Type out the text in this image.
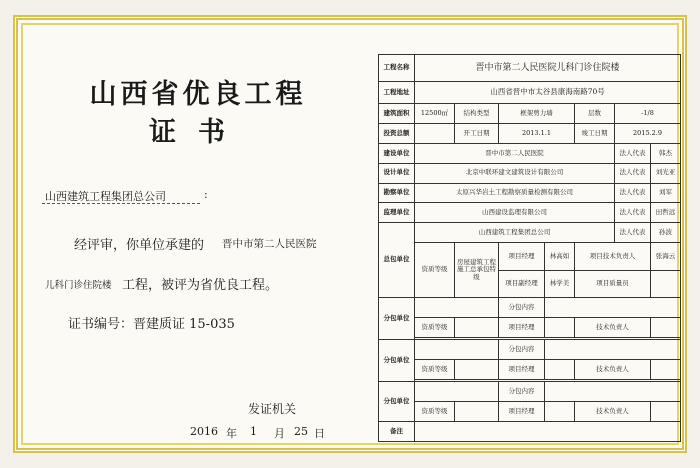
山西省优良工程
证书
山西建筑工程集团总公司	:
经评审，你单位承建的 晋中市第二人民医院
儿科门诊住院楼 工程，被评为省优良工程。
证书编号：晋建质证 15-035
发证机关
2016 年 1 月 25 日
工程名称	晋中市第二人民医院儿科门诊住院楼						
工程地址	山西省晋中市太谷县康海南路70号						
建筑面积	12500㎡	结构类型	框架剪力墙		层数	-1/8	
投资总额		开工日期	2013.1.1		竣工日期	2015.2.9	
建设单位	晋中市第二人民医院					法人代表	韩杰
设计单位	北京中联环建文建筑设计有限公司					法人代表	刘光亚
勘察单位	太原兴华岩土工程勘察质量检测有限公司					法人代表	刘军
监理单位	山西建设监理有限公司					法人代表	田哲远
总包单位	山西建筑工程集团总公司					法人代表	孙波
	资质等级	房屋建筑工程施工总承包特级	项目经理	林高如	项目技术负责人		张海云
			项目副经理	林学美	项目质量员		
分包单位			分包内容				
	资质等级		项目经理		技术负责人		

分包单位			分包内容				
	资质等级		项目经理		技术负责人		

分包单位			分包内容				
	资质等级		项目经理		技术负责人		
备注							
